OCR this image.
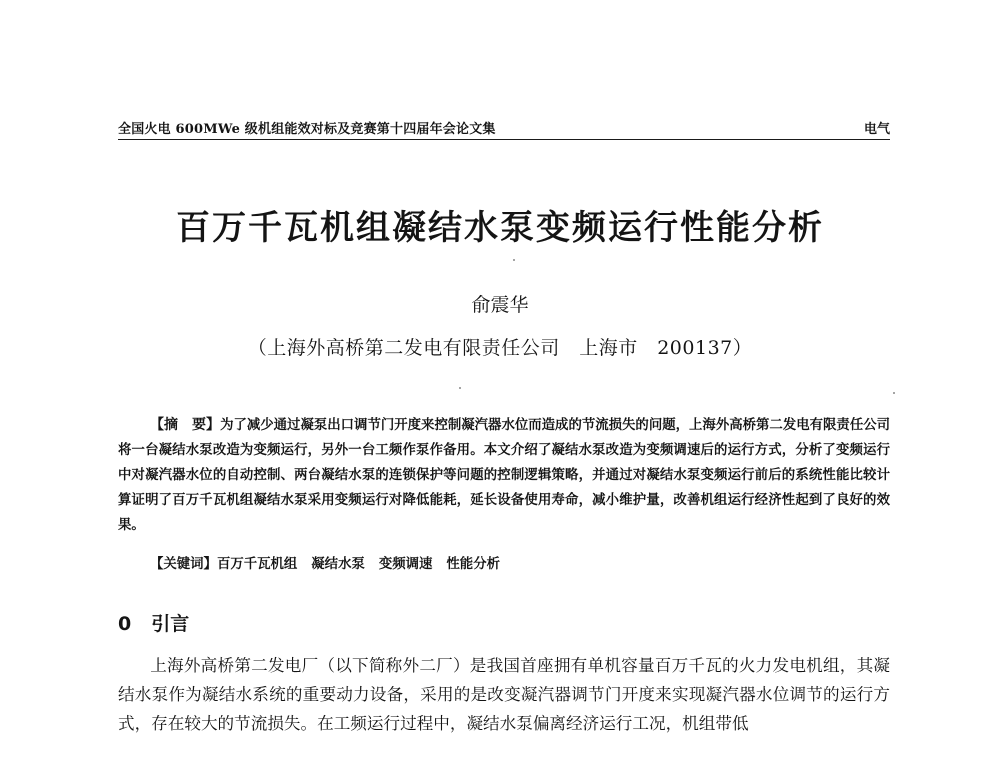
全国火电 600MWe 级机组能效对标及竞赛第十四届年会论文集	电气
百万千瓦机组凝结水泵变频运行性能分析
俞震华
（上海外高桥第二发电有限责任公司　上海市　200137）
【摘　要】为了减少通过凝泵出口调节门开度来控制凝汽器水位而造成的节流损失的问题，上海外高桥第二发电有限责任公司将一台凝结水泵改造为变频运行，另外一台工频作泵作备用。本文介绍了凝结水泵改造为变频调速后的运行方式，分析了变频运行中对凝汽器水位的自动控制、两台凝结水泵的连锁保护等问题的控制逻辑策略，并通过对凝结水泵变频运行前后的系统性能比较计算证明了百万千瓦机组凝结水泵采用变频运行对降低能耗，延长设备使用寿命，减小维护量，改善机组运行经济性起到了良好的效果。
【关键词】百万千瓦机组 凝结水泵 变频调速 性能分析
0 引言
上海外高桥第二发电厂（以下简称外二厂）是我国首座拥有单机容量百万千瓦的火力发电机组，其凝结水泵作为凝结水系统的重要动力设备，采用的是改变凝汽器调节门开度来实现凝汽器水位调节的运行方式，存在较大的节流损失。在工频运行过程中，凝结水泵偏离经济运行工况，机组带低
